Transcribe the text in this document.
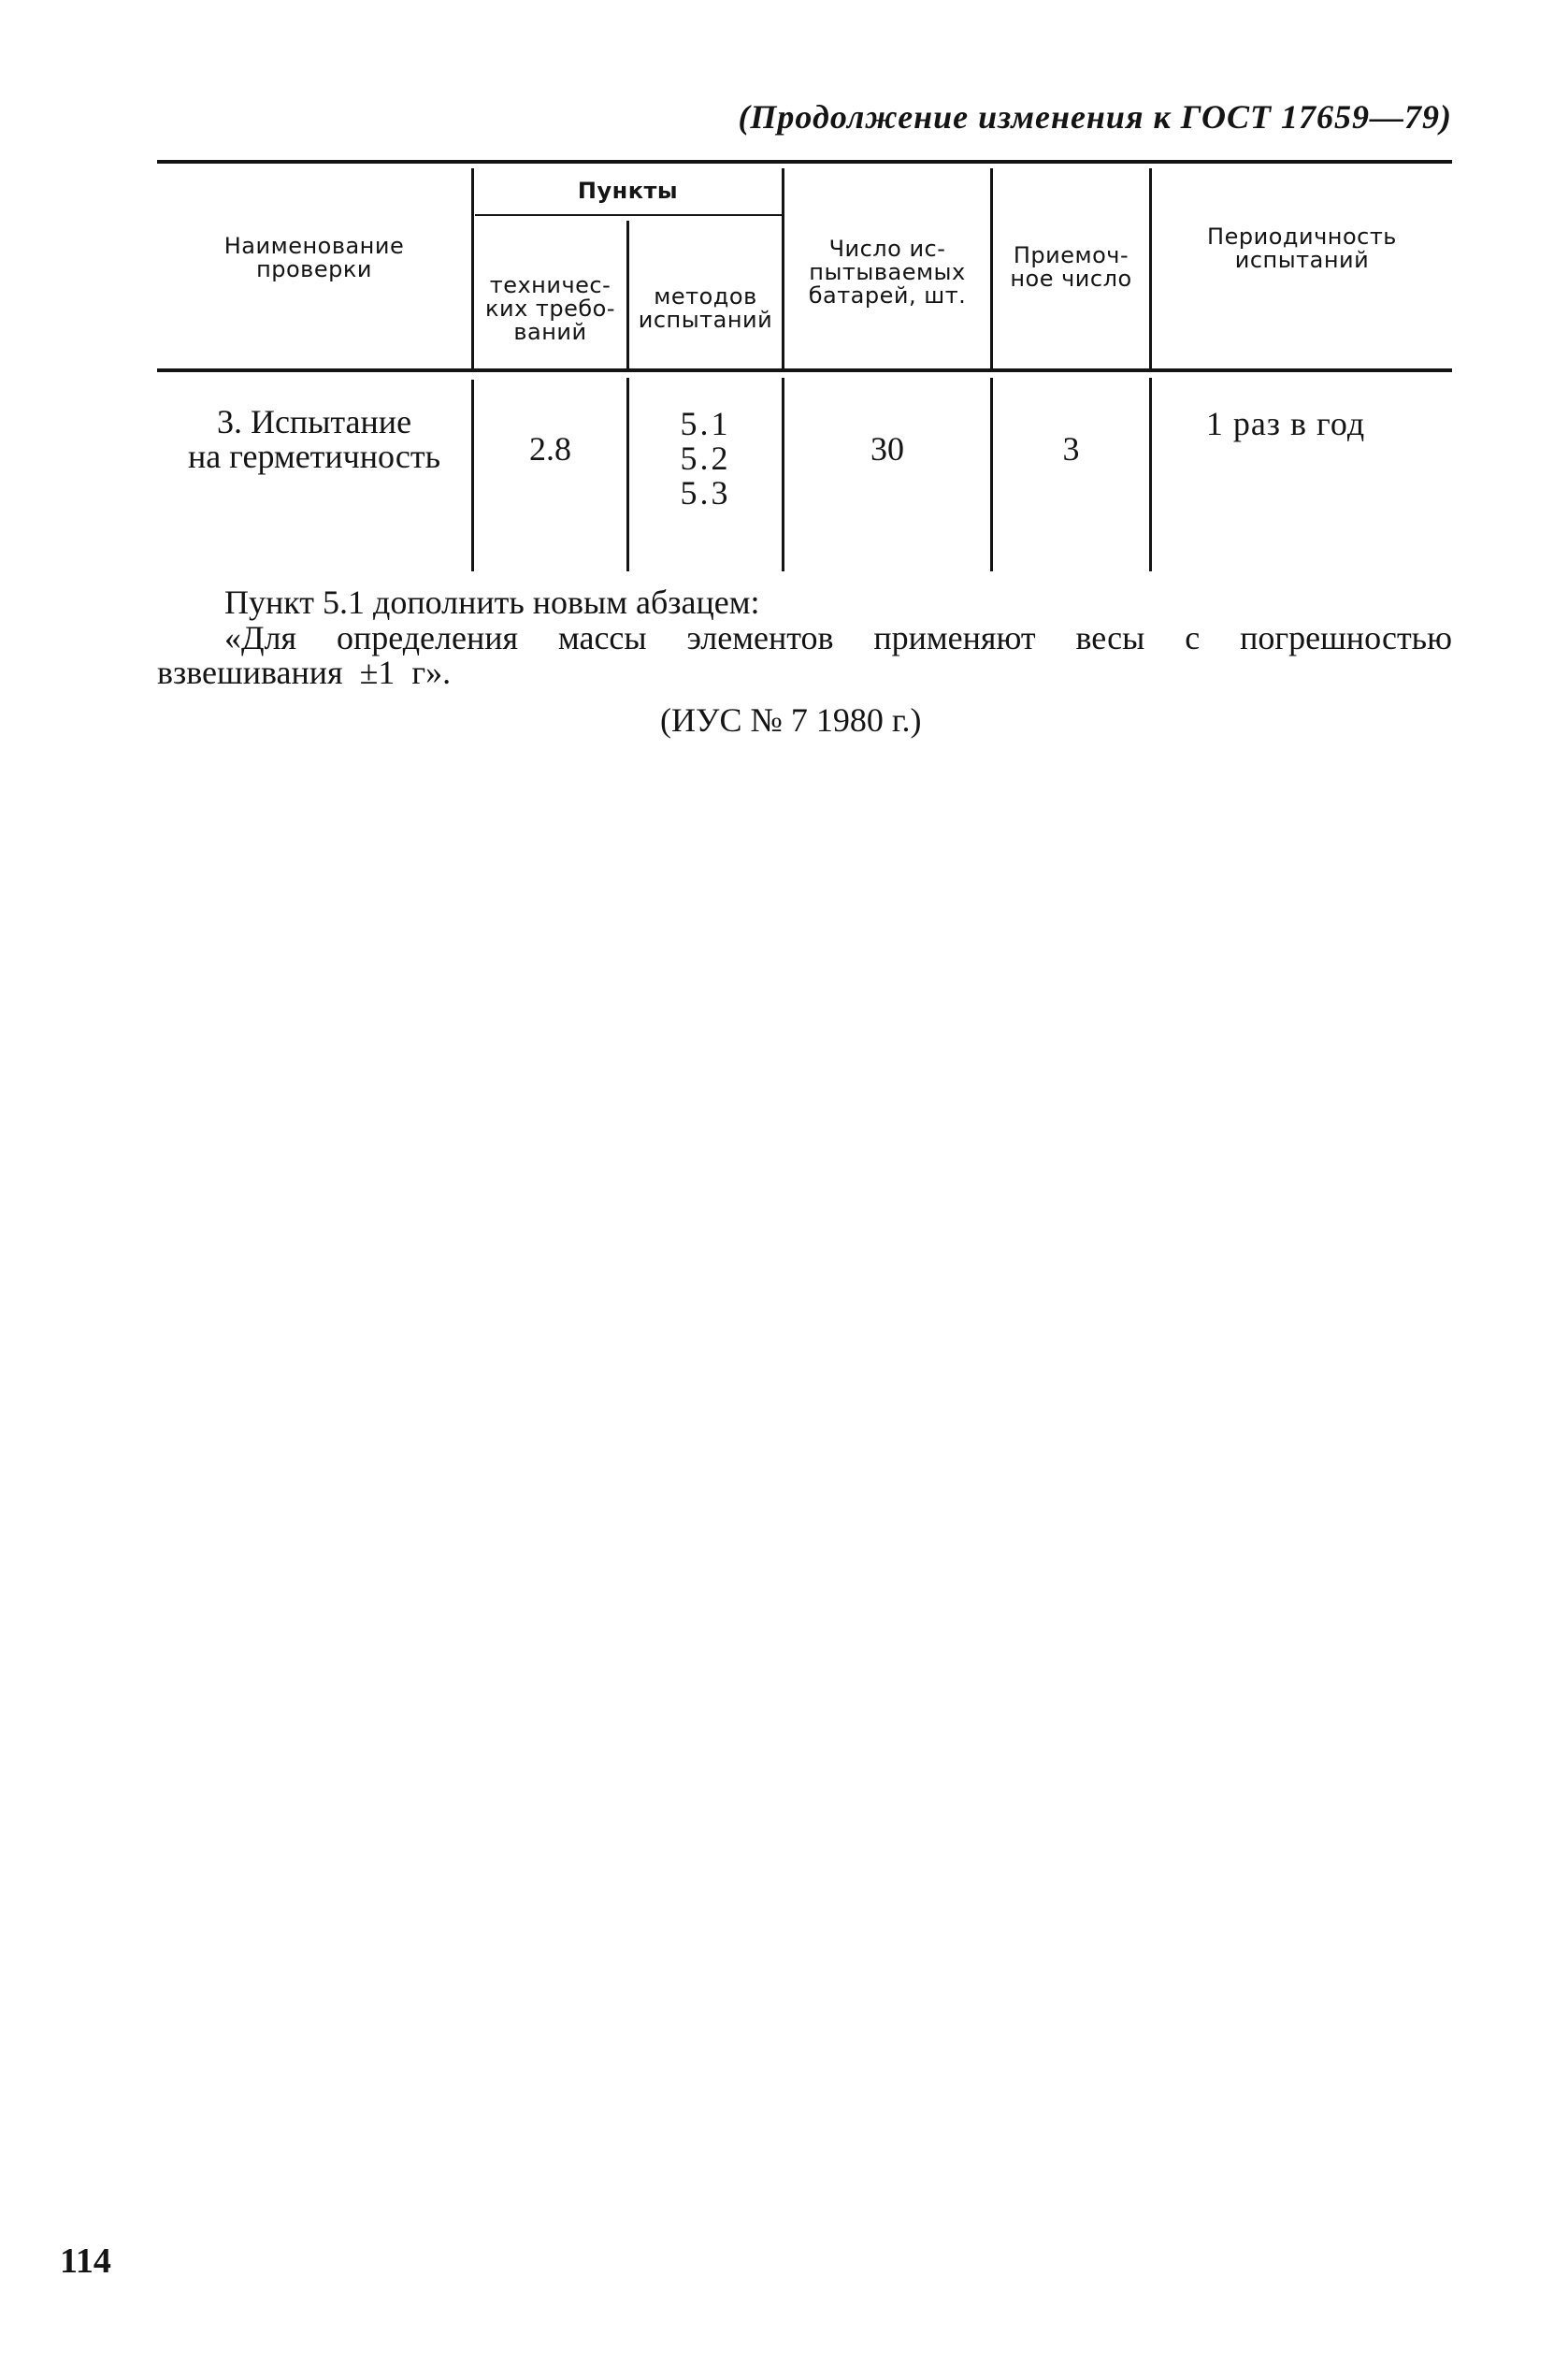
(Продолжение изменения к ГОСТ 17659—79)
Наименование
проверки
Пункты
техничес-
ких требо-
ваний
методов
испытаний
Число ис-
пытываемых
батарей, шт.
Приемоч-
ное число
Периодичность
испытаний
3. Испытание
на герметичность	2.8
5.1
5.2
5.3
30	3
1 раз в год

Пункт 5.1 дополнить новым абзацем:

«Для определения массы элементов применяют весы с погрешностью взвешивания ±1 г».

(ИУС № 7 1980 г.)

114
